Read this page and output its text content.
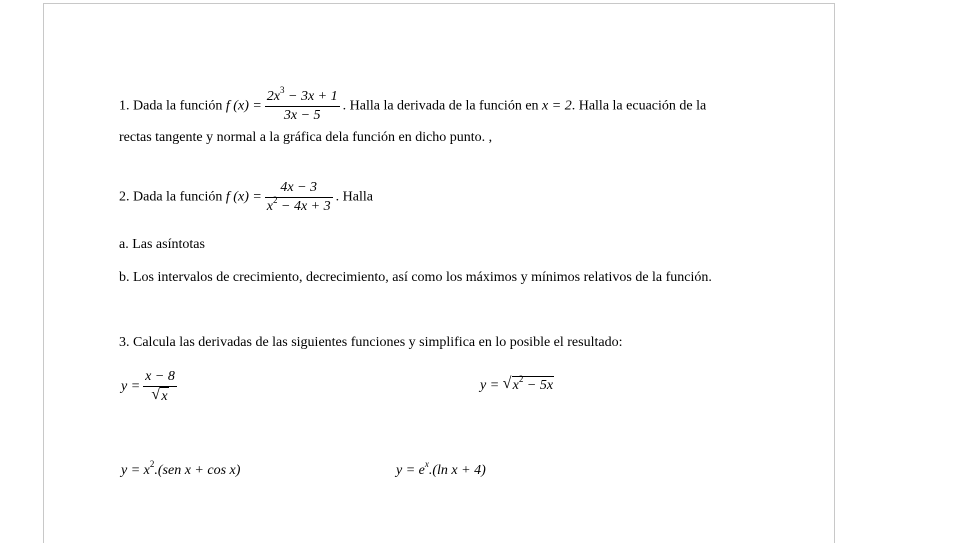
1. Dada la función f $(x) = \frac{2x^3 - 3x + 1}{3x - 5}$ . Halla la derivada de la función en x = 2. Halla la ecuación de la
rectas tangente y normal a la gráfica dela función en dicho punto. ,
2. Dada la función f $(x) = \frac{4x - 3}{x^2 - 4x + 3}$ . Halla
a. Las asíntotas
b. Los intervalos de crecimiento, decrecimiento, así como los máximos y mínimos relativos de la función.
3. Calcula las derivadas de las siguientes funciones y simplifica en lo posible el resultado:
$y = \frac{x - 8}{√ x}$	y = √ $x^2 - 5x$
$y = x^2.(sen$ x + cos x)	$y = e^x.(\ln$ x + 4)
